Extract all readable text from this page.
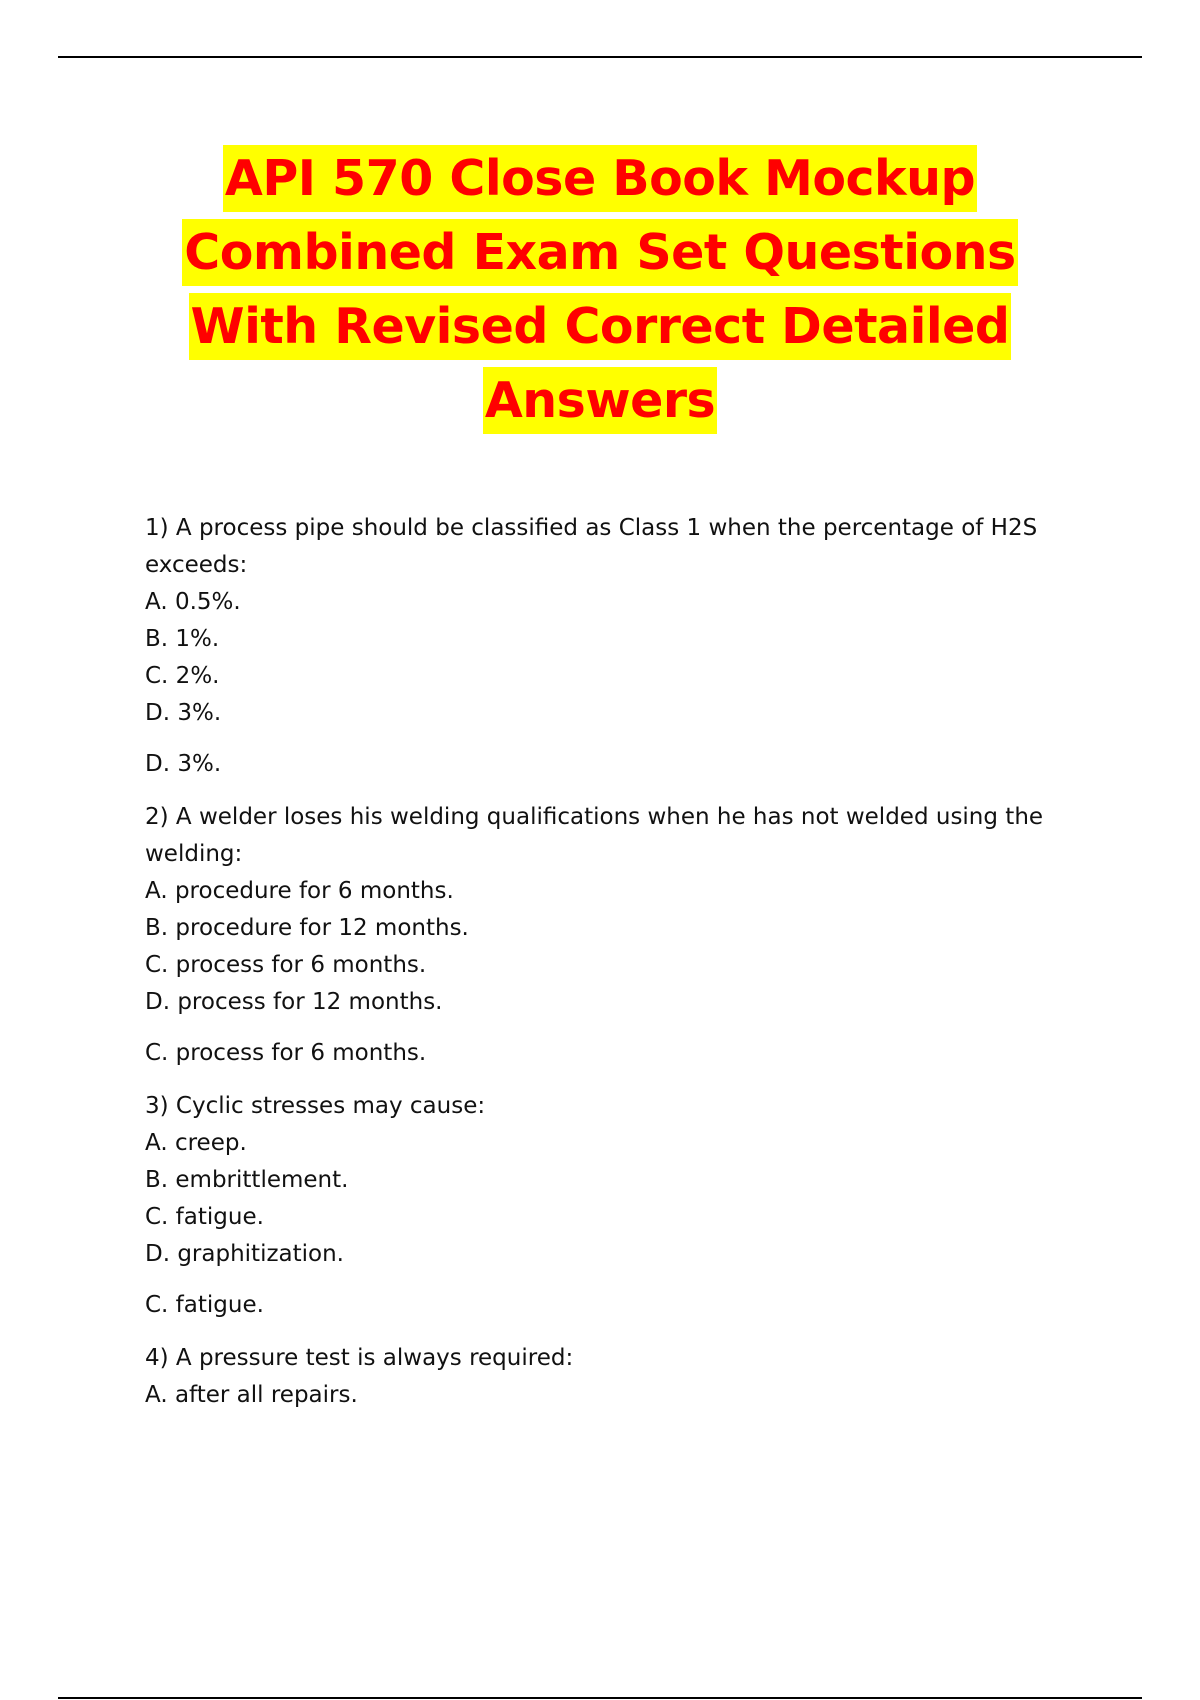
API 570 Close Book Mockup
Combined Exam Set Questions
With Revised Correct Detailed
Answers

1) A process pipe should be classified as Class 1 when the percentage of H2S exceeds:

A. 0.5%.
B. 1%.
C. 2%.
D. 3%.
D. 3%.

2) A welder loses his welding qualifications when he has not welded using the welding:

A. procedure for 6 months.
B. procedure for 12 months.
C. process for 6 months.
D. process for 12 months.
C. process for 6 months.

3) Cyclic stresses may cause:

A. creep.
B. embrittlement.
C. fatigue.
D. graphitization.
C. fatigue.

4) A pressure test is always required:

A. after all repairs.
